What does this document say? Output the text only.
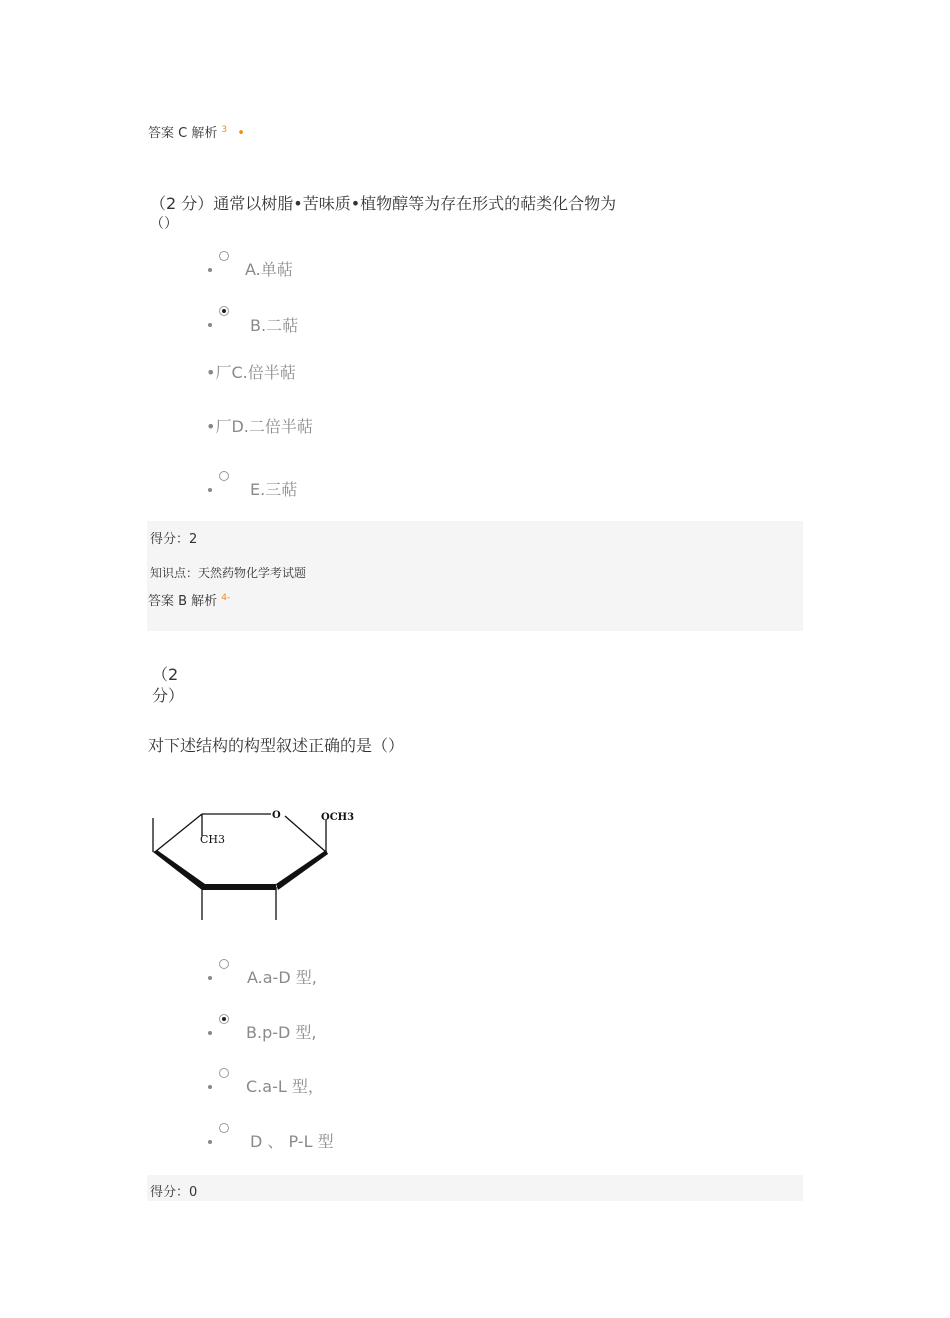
答案 C 解析 $^3$ •
（2 分）通常以树脂•苦味质•植物醇等为存在形式的萜类化合物为
（）
A.单萜
B.二萜
•厂C.倍半萜
•厂D.二倍半萜
E.三萜
得分：2
知识点：天然药物化学考试题
答案 B 解析 $^{4-}$
（2
分）
对下述结构的构型叙述正确的是（）
O	OCH3
CH3
A.a-D 型,
B.p-D 型,
C.a-L 型，
D 、 P-L 型
得分：0
